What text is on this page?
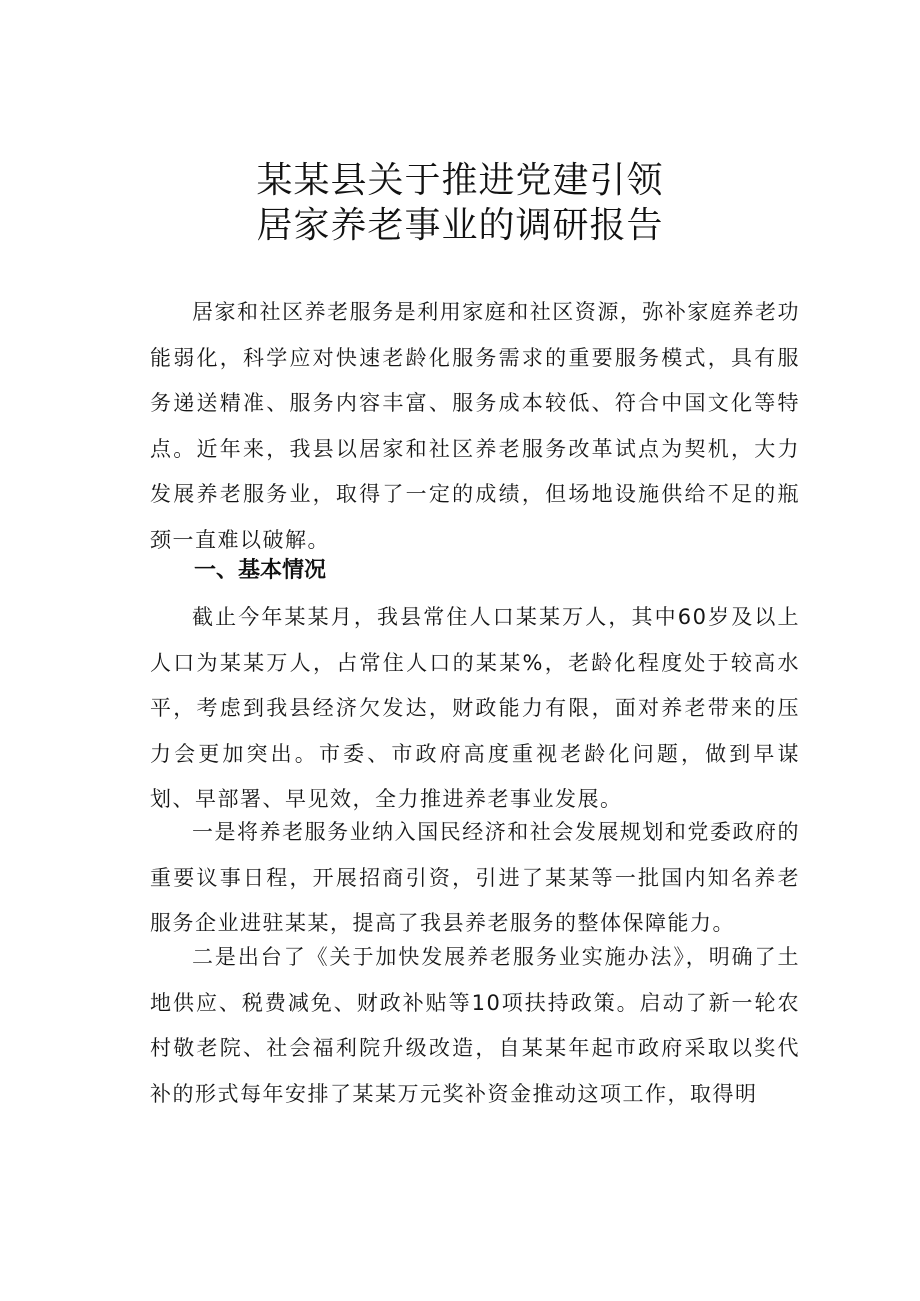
某某县关于推进党建引领
居家养老事业的调研报告

居家和社区养老服务是利用家庭和社区资源，弥补家庭养老功能弱化，科学应对快速老龄化服务需求的重要服务模式，具有服务递送精准、服务内容丰富、服务成本较低、符合中国文化等特点。近年来，我县以居家和社区养老服务改革试点为契机，大力发展养老服务业，取得了一定的成绩，但场地设施供给不足的瓶颈一直难以破解。

一、基本情况

截止今年某某月，我县常住人口某某万人，其中60岁及以上人口为某某万人，占常住人口的某某%，老龄化程度处于较高水平，考虑到我县经济欠发达，财政能力有限，面对养老带来的压力会更加突出。市委、市政府高度重视老龄化问题，做到早谋划、早部署、早见效，全力推进养老事业发展。

一是将养老服务业纳入国民经济和社会发展规划和党委政府的重要议事日程，开展招商引资，引进了某某等一批国内知名养老服务企业进驻某某，提高了我县养老服务的整体保障能力。

二是出台了《关于加快发展养老服务业实施办法》，明确了土地供应、税费减免、财政补贴等10项扶持政策。启动了新一轮农村敬老院、社会福利院升级改造，自某某年起市政府采取以奖代补的形式每年安排了某某万元奖补资金推动这项工作，取得明
